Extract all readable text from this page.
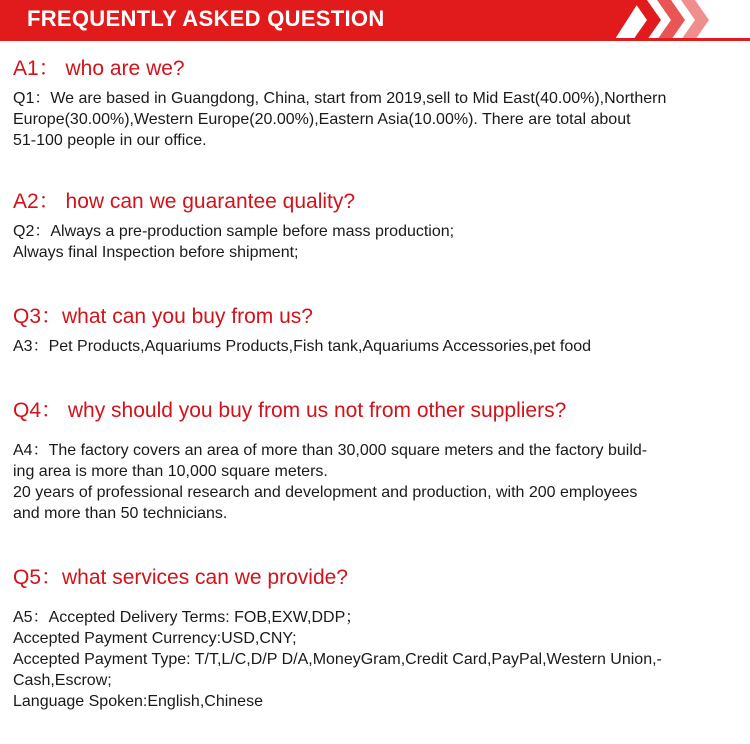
FREQUENTLY ASKED QUESTION
A1： who are we?
Q1：We are based in Guangdong, China, start from 2019,sell to Mid East(40.00%),Northern
Europe(30.00%),Western Europe(20.00%),Eastern Asia(10.00%). There are total about
51-100 people in our office.
A2： how can we guarantee quality?
Q2：Always a pre-production sample before mass production;
Always final Inspection before shipment;
Q3：what can you buy from us?
A3：Pet Products,Aquariums Products,Fish tank,Aquariums Accessories,pet food
Q4： why should you buy from us not from other suppliers?
A4：The factory covers an area of more than 30,000 square meters and the factory build-
ing area is more than 10,000 square meters.
20 years of professional research and development and production, with 200 employees
and more than 50 technicians.
Q5：what services can we provide?
A5：Accepted Delivery Terms: FOB,EXW,DDP；
Accepted Payment Currency:USD,CNY;
Accepted Payment Type: T/T,L/C,D/P D/A,MoneyGram,Credit Card,PayPal,Western Union,-
Cash,Escrow;
Language Spoken:English,Chinese
